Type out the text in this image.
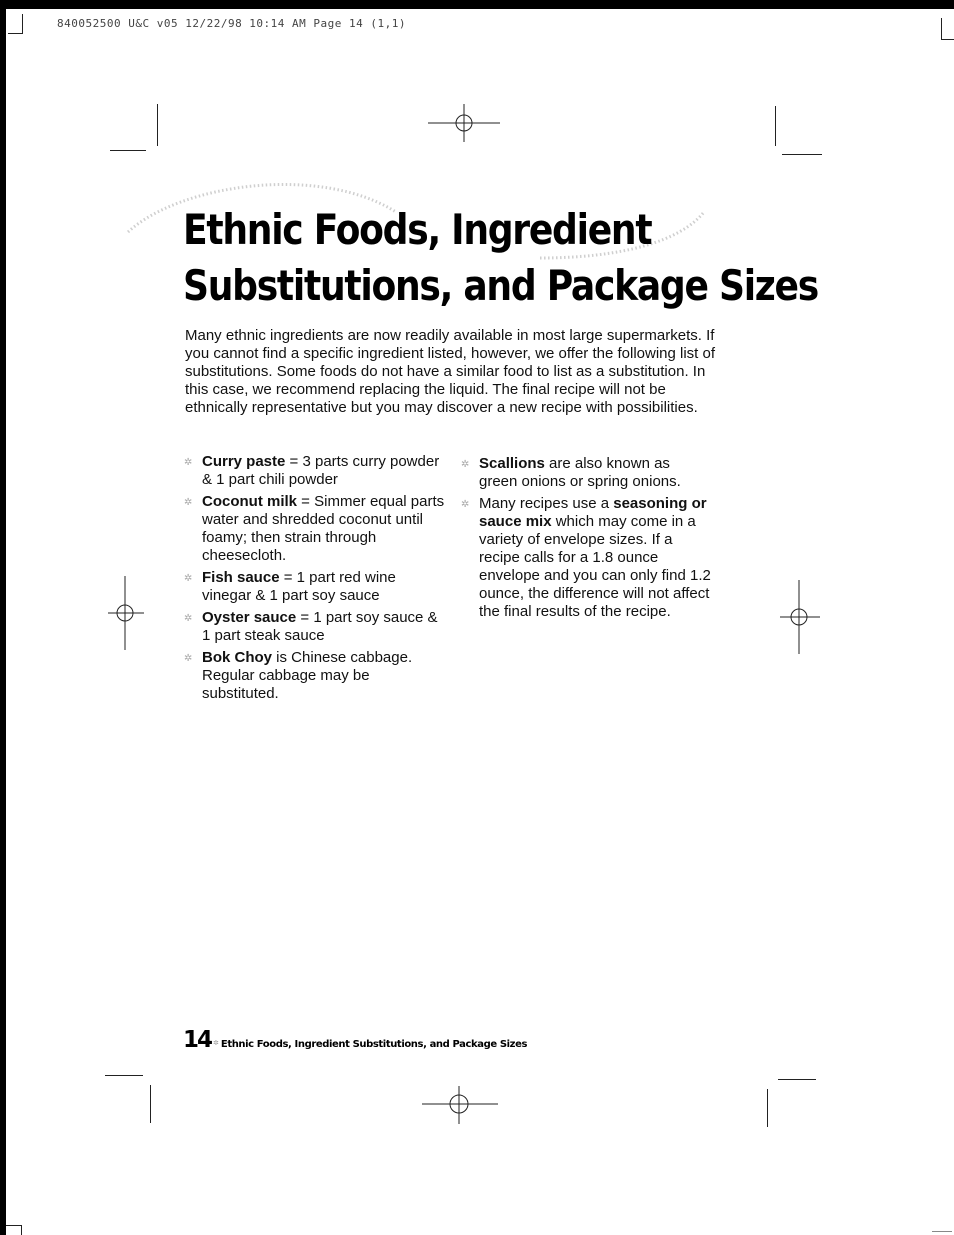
840052500 U&C v05 12/22/98 10:14 AM Page 14 (1,1)
Ethnic Foods, Ingredient
Substitutions, and Package Sizes

Many ethnic ingredients are now readily available in most large supermarkets. If you cannot find a specific ingredient listed, however, we offer the following list of substitutions. Some foods do not have a similar food to list as a substitution. In this case, we recommend replacing the liquid. The final recipe will not be ethnically representative but you may discover a new recipe with possibilities.

✲ Curry paste = 3 parts curry powder & 1 part chili powder
✲ Coconut milk = Simmer equal parts water and shredded coconut until foamy; then strain through cheesecloth.
✲ Fish sauce = 1 part red wine vinegar & 1 part soy sauce
✲ Oyster sauce = 1 part soy sauce & 1 part steak sauce
✲ Bok Choy is Chinese cabbage. Regular cabbage may be substituted.
✲ Scallions are also known as green onions or spring onions.
✲ Many recipes use a seasoning or sauce mix which may come in a variety of envelope sizes. If a recipe calls for a 1.8 ounce envelope and you can only find 1.2 ounce, the difference will not affect the final results of the recipe.
14 ✲ Ethnic Foods, Ingredient Substitutions, and Package Sizes
